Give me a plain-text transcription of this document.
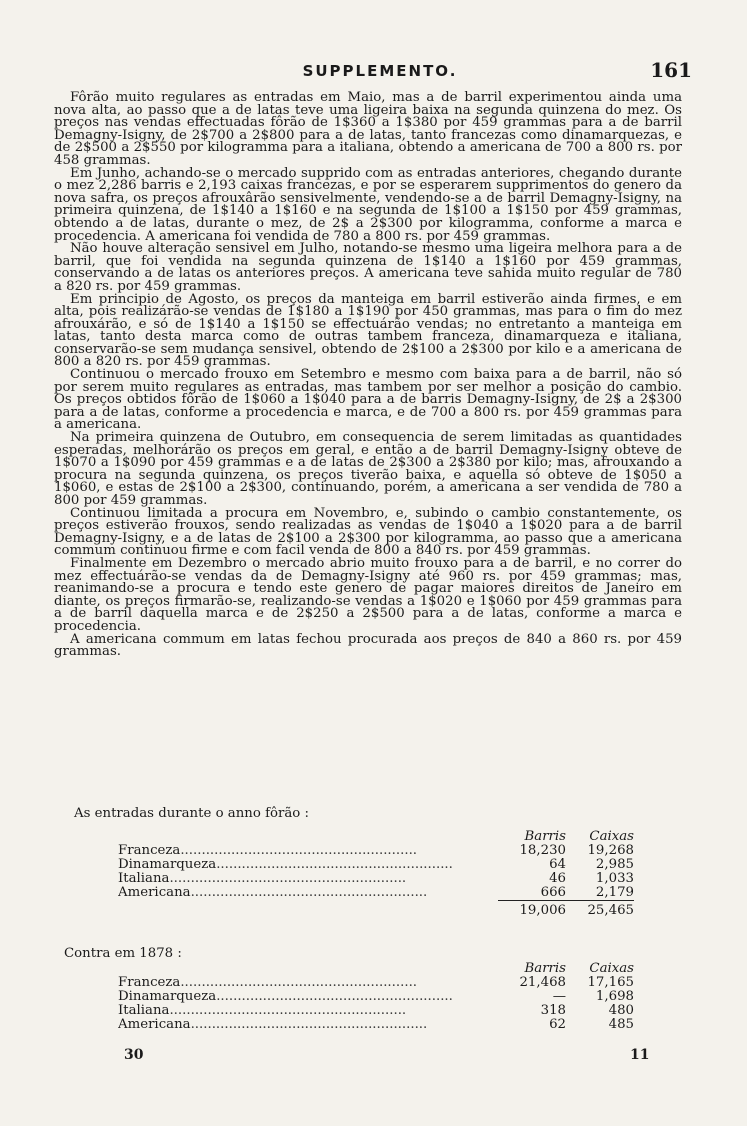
SUPPLEMENTO.	161

Fôrão muito regulares as entradas em Maio, mas a de barril experimentou ainda uma nova alta, ao passo que a de latas teve uma ligeira baixa na segunda quinzena do mez. Os preços nas vendas effectuadas fôrão de 1$360 a 1$380 por 459 grammas para a de barril Demagny-Isigny, de 2$700 a 2$800 para a de latas, tanto francezas como dinamarquezas, e de 2$500 a 2$550 por kilogramma para a italiana, obtendo a americana de 700 a 800 rs. por 458 grammas.

Em Junho, achando-se o mercado supprido com as entradas anteriores, chegando durante o mez 2,286 barris e 2,193 caixas francezas, e por se esperarem supprimentos do genero da nova safra, os preços afrouxârão sensivelmente, vendendo-se a de barril Demagny-Isigny, na primeira quinzena, de 1$140 a 1$160 e na segunda de 1$100 a 1$150 por 459 grammas, obtendo a de latas, durante o mez, de 2$ a 2$300 por kilogramma, conforme a marca e procedencia. A americana foi vendida de 780 a 800 rs. por 459 grammas.

Não houve alteração sensivel em Julho, notando-se mesmo uma ligeira melhora para a de barril, que foi vendida na segunda quinzena de 1$140 a 1$160 por 459 grammas, conservando a de latas os anteriores preços. A americana teve sahida muito regular de 780 a 820 rs. por 459 grammas.

Em principio de Agosto, os preços da manteiga em barril estiverão ainda firmes, e em alta, pois realizárão-se vendas de 1$180 a 1$190 por 450 grammas, mas para o fim do mez afrouxárão, e só de 1$140 a 1$150 se effectuárão vendas; no entretanto a manteiga em latas, tanto desta marca como de outras tambem franceza, dinamarqueza e italiana, conservarão-se sem mudança sensivel, obtendo de 2$100 a 2$300 por kilo e a americana de 800 a 820 rs. por 459 grammas.

Continuou o mercado frouxo em Setembro e mesmo com baixa para a de barril, não só por serem muito regulares as entradas, mas tambem por ser melhor a posição do cambio. Os preços obtidos fôrão de 1$060 a 1$040 para a de barris Demagny-Isigny, de 2$ a 2$300 para a de latas, conforme a procedencia e marca, e de 700 a 800 rs. por 459 grammas para a americana.

Na primeira quinzena de Outubro, em consequencia de serem limitadas as quantidades esperadas, melhorárão os preços em geral, e então a de barril Demagny-Isigny obteve de 1$070 a 1$090 por 459 grammas e a de latas de 2$300 a 2$380 por kilo; mas, afrouxando a procura na segunda quinzena, os preços tiverão baixa, e aquella só obteve de 1$050 a 1$060, e estas de 2$100 a 2$300, continuando, porém, a americana a ser vendida de 780 a 800 por 459 grammas.

Continuou limitada a procura em Novembro, e, subindo o cambio constantemente, os preços estiverão frouxos, sendo realizadas as vendas de 1$040 a 1$020 para a de barril Demagny-Isigny, e a de latas de 2$100 a 2$300 por kilogramma, ao passo que a americana commum continuou firme e com facil venda de 800 a 840 rs. por 459 grammas.

Finalmente em Dezembro o mercado abrio muito frouxo para a de barril, e no correr do mez effectuárão-se vendas da de Demagny-Isigny até 960 rs. por 459 grammas; mas, reanimando-se a procura e tendo este genero de pagar maiores direitos de Janeiro em diante, os preços firmarão-se, realizando-se vendas a 1$020 e 1$060 por 459 grammas para a de barril daquella marca e de 2$250 a 2$500 para a de latas, conforme a marca e procedencia.

A americana commum em latas fechou procurada aos preços de 840 a 860 rs. por 459 grammas.

As entradas durante o anno fôrão :
	Barris	Caixas
Franceza........................................................	18,230	19,268
Dinamarqueza........................................................	64	2,985
Italiana........................................................	46	1,033
Americana........................................................	666	2,179
	19,006	25,465
Contra em 1878 :
	Barris	Caixas
Franceza........................................................	21,468	17,165
Dinamarqueza........................................................	—	1,698
Italiana........................................................	318	480
Americana........................................................	62	485
30	11
